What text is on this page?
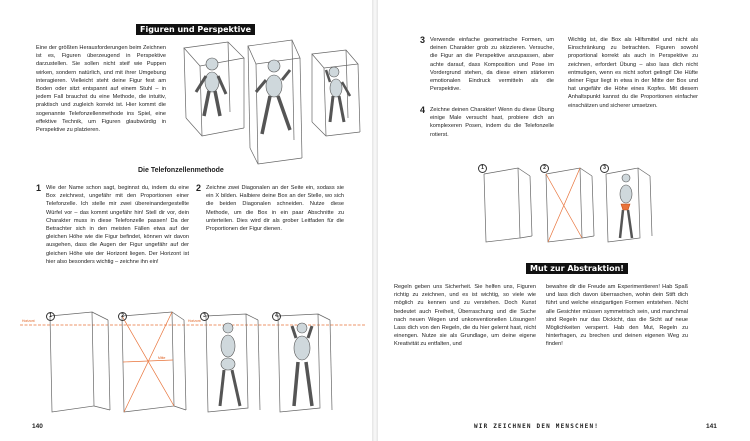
Figuren und Perspektive

Eine der größten Herausforderungen beim Zeichnen ist es, Figuren überzeugend in Perspektive darzustellen. Sie sollen nicht steif wie Puppen wirken, sondern natürlich, und mit ihrer Umgebung interagieren. Vielleicht steht deine Figur fest am Boden oder sitzt entspannt auf einem Stuhl – in jedem Fall brauchst du eine Methode, die intuitiv, praktisch und zugleich korrekt ist. Hier kommt die sogenannte Telefonzellenmethode ins Spiel, eine effektive Technik, um Figuren glaubwürdig in Perspektive zu platzieren.

Die Telefonzellenmethode
1 Wie der Name schon sagt, beginnst du, indem du eine Box zeichnest, ungefähr mit den Proportionen einer Telefonzelle. Ich stelle mir zwei übereinandergestellte Würfel vor – das kommt ungefähr hin! Stell dir vor, dein Charakter muss in diese Telefonzelle passen! Da der Betrachter sich in den meisten Fällen etwa auf der gleichen Höhe wie die Figur befindet, können wir davon ausgehen, dass die Augen der Figur ungefähr auf der gleichen Höhe wie der Horizont liegen. Der Horizont ist hier also besonders wichtig – zeichne ihn ein!

2 Zeichne zwei Diagonalen an der Seite ein, sodass sie ein X bilden. Halbiere deine Box an der Stelle, wo sich die beiden Diagonalen schneiden. Nutze diese Methode, um die Box in ein paar Abschnitte zu unterteilen. Dies wird dir als grober Leitfaden für die Proportionen der Figur dienen.

Horizont
Mitte
Horizont
1	2	3	4
140
3 Verwende einfache geometrische Formen, um deinen Charakter grob zu skizzieren. Versuche, die Figur an die Perspektive anzupassen, aber achte darauf, dass Komposition und Pose im Vordergrund stehen, da diese einen stärkeren emotionalen Eindruck vermitteln als die Perspektive.

4 Zeichne deinen Charakter! Wenn du diese Übung einige Male versucht hast, probiere dich an komplexeren Posen, indem du die Telefonzelle rotierst.

Wichtig ist, die Box als Hilfsmittel und nicht als Einschränkung zu betrachten. Figuren sowohl proportional korrekt als auch in Perspektive zu zeichnen, erfordert Übung – also lass dich nicht entmutigen, wenn es nicht sofort gelingt! Die Hüfte deiner Figur liegt in etwa in der Mitte der Box und hat ungefähr die Höhe eines Kopfes. Mit diesem Anhaltspunkt kannst du die Proportionen einfacher einschätzen und sicherer umsetzen.

1	2	3
Mut zur Abstraktion!

Regeln geben uns Sicherheit. Sie helfen uns, Figuren richtig zu zeichnen, und es ist wichtig, so viele wie möglich zu kennen und zu verstehen. Doch Kunst bedeutet auch Freiheit, Überraschung und die Suche nach neuen Wegen und unkonventionellen Lösungen! Lass dich von den Regeln, die du hier gelernt hast, nicht einengen. Nutze sie als Grundlage, um deine eigene Kreativität zu entfalten, und

bewahre dir die Freude am Experimentieren! Hab Spaß und lass dich davon überraschen, wohin dein Stift dich führt und welche einzigartigen Formen entstehen. Nicht alle Gesichter müssen symmetrisch sein, und manchmal sind Regeln nur das Dickicht, das die Sicht auf neue Möglichkeiten versperrt. Hab den Mut, Regeln zu hinterfragen, zu brechen und deinen eigenen Weg zu finden!

WIR ZEICHNEN DEN MENSCHEN!	141
